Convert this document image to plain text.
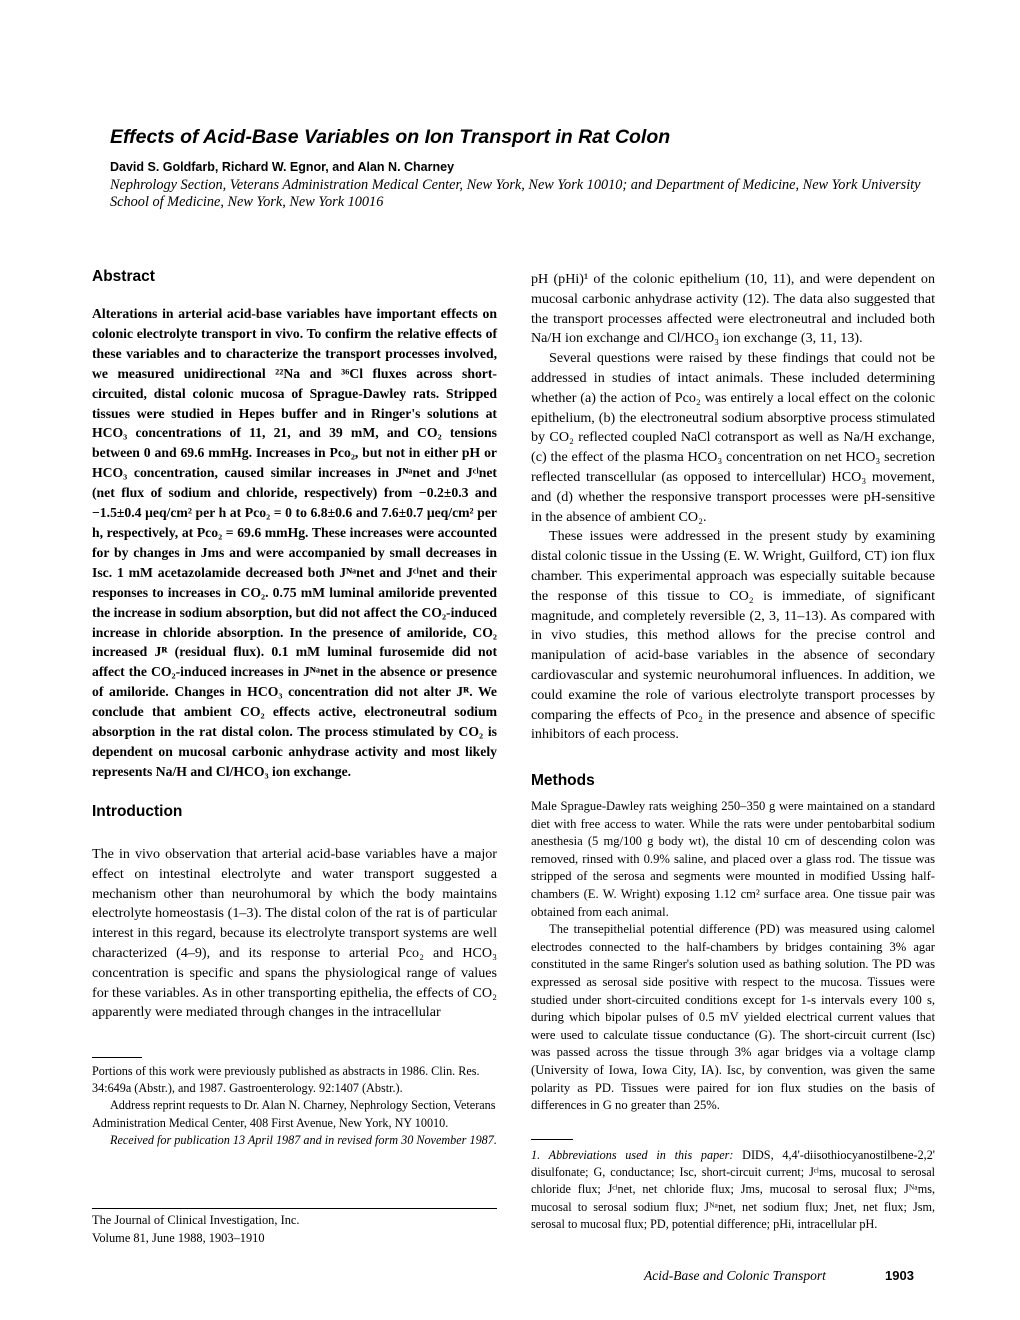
Effects of Acid-Base Variables on Ion Transport in Rat Colon

David S. Goldfarb, Richard W. Egnor, and Alan N. Charney

Nephrology Section, Veterans Administration Medical Center, New York, New York 10010; and Department of Medicine, New York University School of Medicine, New York, New York 10016

Abstract

Alterations in arterial acid-base variables have important effects on colonic electrolyte transport in vivo. To confirm the relative effects of these variables and to characterize the transport processes involved, we measured unidirectional ²²Na and ³⁶Cl fluxes across short-circuited, distal colonic mucosa of Sprague-Dawley rats. Stripped tissues were studied in Hepes buffer and in Ringer's solutions at HCO₃ concentrations of 11, 21, and 39 mM, and CO₂ tensions between 0 and 69.6 mmHg. Increases in Pco₂, but not in either pH or HCO₃ concentration, caused similar increases in Jᴺᵃnet and Jᶜˡnet (net flux of sodium and chloride, respectively) from −0.2±0.3 and −1.5±0.4 μeq/cm² per h at Pco₂ = 0 to 6.8±0.6 and 7.6±0.7 μeq/cm² per h, respectively, at Pco₂ = 69.6 mmHg. These increases were accounted for by changes in Jms and were accompanied by small decreases in Isc. 1 mM acetazolamide decreased both Jᴺᵃnet and Jᶜˡnet and their responses to increases in CO₂. 0.75 mM luminal amiloride prevented the increase in sodium absorption, but did not affect the CO₂-induced increase in chloride absorption. In the presence of amiloride, CO₂ increased Jᴿ (residual flux). 0.1 mM luminal furosemide did not affect the CO₂-induced increases in Jᴺᵃnet in the absence or presence of amiloride. Changes in HCO₃ concentration did not alter Jᴿ. We conclude that ambient CO₂ effects active, electroneutral sodium absorption in the rat distal colon. The process stimulated by CO₂ is dependent on mucosal carbonic anhydrase activity and most likely represents Na/H and Cl/HCO₃ ion exchange.

Introduction

The in vivo observation that arterial acid-base variables have a major effect on intestinal electrolyte and water transport suggested a mechanism other than neurohumoral by which the body maintains electrolyte homeostasis (1–3). The distal colon of the rat is of particular interest in this regard, because its electrolyte transport systems are well characterized (4–9), and its response to arterial Pco₂ and HCO₃ concentration is specific and spans the physiological range of values for these variables. As in other transporting epithelia, the effects of CO₂ apparently were mediated through changes in the intracellular

Portions of this work were previously published as abstracts in 1986. Clin. Res. 34:649a (Abstr.), and 1987. Gastroenterology. 92:1407 (Abstr.).

Address reprint requests to Dr. Alan N. Charney, Nephrology Section, Veterans Administration Medical Center, 408 First Avenue, New York, NY 10010.

Received for publication 13 April 1987 and in revised form 30 November 1987.

The Journal of Clinical Investigation, Inc.
Volume 81, June 1988, 1903–1910

pH (pHi)¹ of the colonic epithelium (10, 11), and were dependent on mucosal carbonic anhydrase activity (12). The data also suggested that the transport processes affected were electroneutral and included both Na/H ion exchange and Cl/HCO₃ ion exchange (3, 11, 13).

Several questions were raised by these findings that could not be addressed in studies of intact animals. These included determining whether (a) the action of Pco₂ was entirely a local effect on the colonic epithelium, (b) the electroneutral sodium absorptive process stimulated by CO₂ reflected coupled NaCl cotransport as well as Na/H exchange, (c) the effect of the plasma HCO₃ concentration on net HCO₃ secretion reflected transcellular (as opposed to intercellular) HCO₃ movement, and (d) whether the responsive transport processes were pH-sensitive in the absence of ambient CO₂.

These issues were addressed in the present study by examining distal colonic tissue in the Ussing (E. W. Wright, Guilford, CT) ion flux chamber. This experimental approach was especially suitable because the response of this tissue to CO₂ is immediate, of significant magnitude, and completely reversible (2, 3, 11–13). As compared with in vivo studies, this method allows for the precise control and manipulation of acid-base variables in the absence of secondary cardiovascular and systemic neurohumoral influences. In addition, we could examine the role of various electrolyte transport processes by comparing the effects of Pco₂ in the presence and absence of specific inhibitors of each process.

Methods

Male Sprague-Dawley rats weighing 250–350 g were maintained on a standard diet with free access to water. While the rats were under pentobarbital sodium anesthesia (5 mg/100 g body wt), the distal 10 cm of descending colon was removed, rinsed with 0.9% saline, and placed over a glass rod. The tissue was stripped of the serosa and segments were mounted in modified Ussing half-chambers (E. W. Wright) exposing 1.12 cm² surface area. One tissue pair was obtained from each animal.

The transepithelial potential difference (PD) was measured using calomel electrodes connected to the half-chambers by bridges containing 3% agar constituted in the same Ringer's solution used as bathing solution. The PD was expressed as serosal side positive with respect to the mucosa. Tissues were studied under short-circuited conditions except for 1-s intervals every 100 s, during which bipolar pulses of 0.5 mV yielded electrical current values that were used to calculate tissue conductance (G). The short-circuit current (Isc) was passed across the tissue through 3% agar bridges via a voltage clamp (University of Iowa, Iowa City, IA). Isc, by convention, was given the same polarity as PD. Tissues were paired for ion flux studies on the basis of differences in G no greater than 25%.

1. Abbreviations used in this paper: DIDS, 4,4'-diisothiocyanostilbene-2,2' disulfonate; G, conductance; Isc, short-circuit current; Jᶜˡms, mucosal to serosal chloride flux; Jᶜˡnet, net chloride flux; Jms, mucosal to serosal flux; Jᴺᵃms, mucosal to serosal sodium flux; Jᴺᵃnet, net sodium flux; Jnet, net flux; Jsm, serosal to mucosal flux; PD, potential difference; pHi, intracellular pH.

Acid-Base and Colonic Transport	1903
